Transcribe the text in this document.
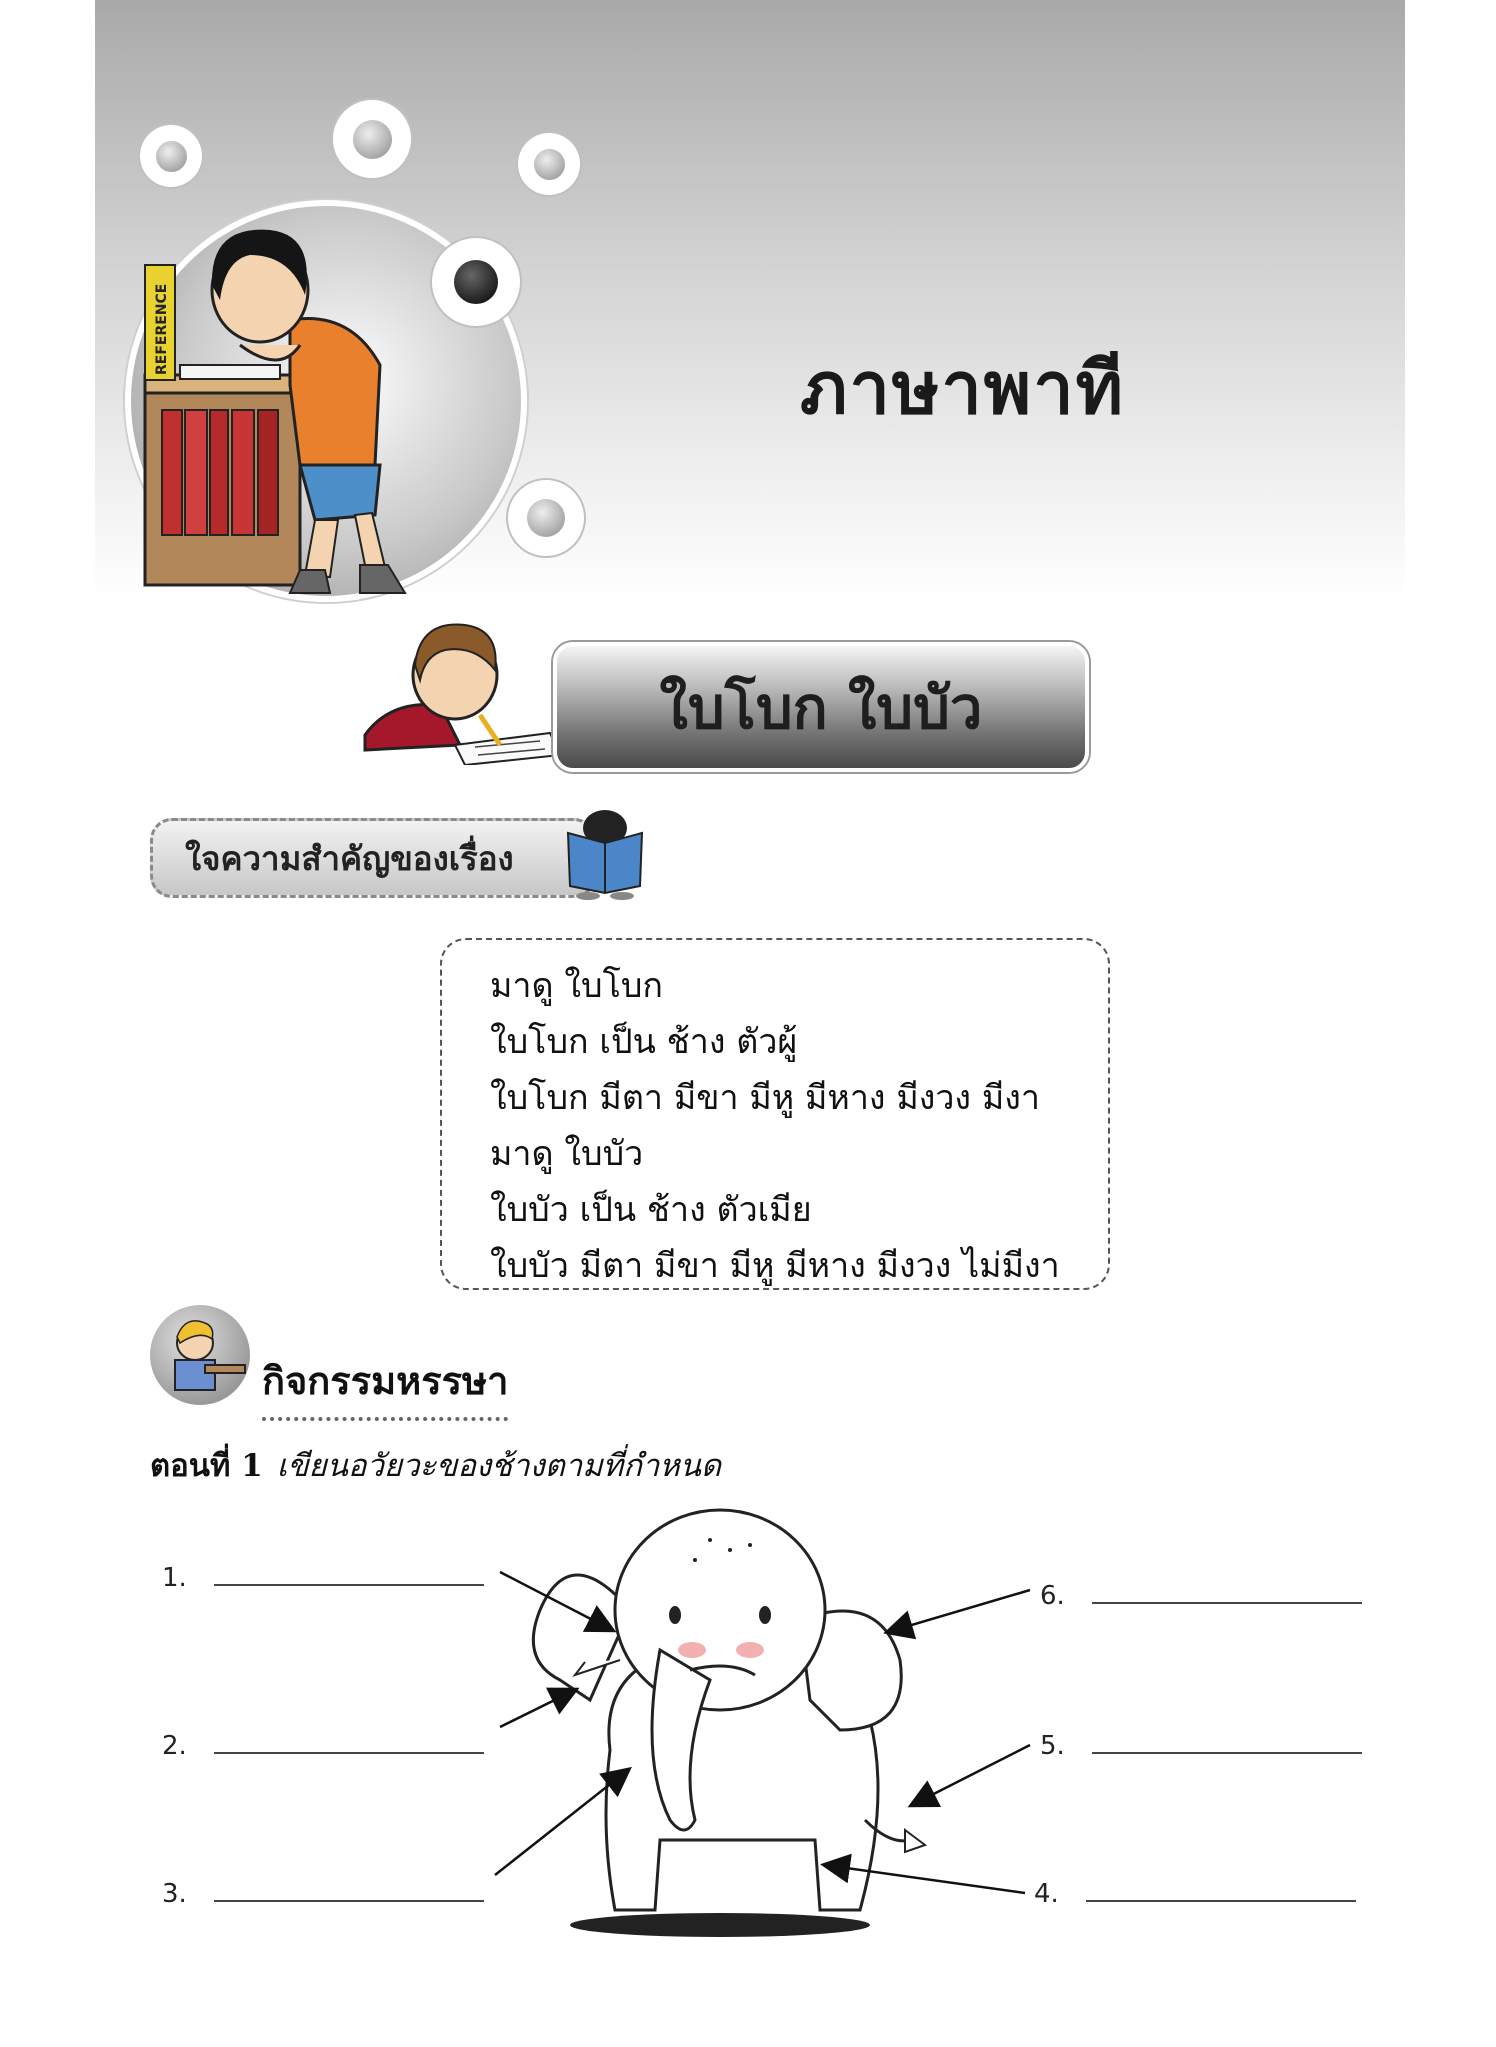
REFERENCE
ภาษาพาที
ใบโบก ใบบัว
ใจความสำคัญของเรื่อง
มาดู ใบโบก
ใบโบก เป็น ช้าง ตัวผู้
ใบโบก มีตา มีขา มีหู มีหาง มีงวง มีงา
มาดู ใบบัว
ใบบัว เป็น ช้าง ตัวเมีย
ใบบัว มีตา มีขา มีหู มีหาง มีงวง ไม่มีงา
กิจกรรมหรรษา
ตอนที่ 1 เขียนอวัยวะของช้างตามที่กำหนด
1.
2.
3.	4.
5.
6.
